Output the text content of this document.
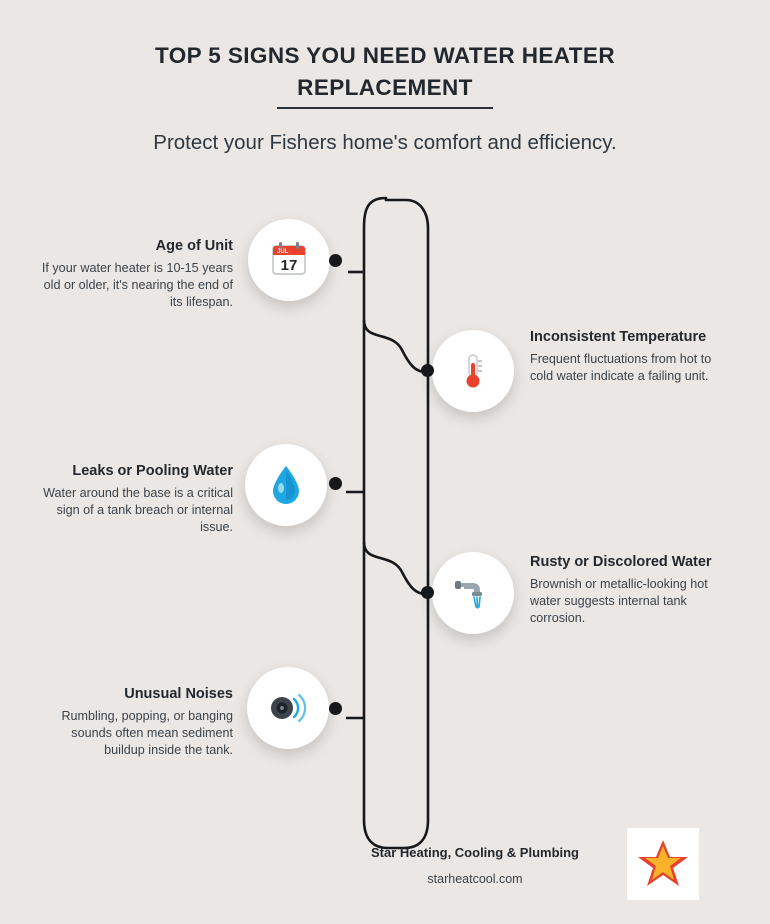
TOP 5 SIGNS YOU NEED WATER HEATER REPLACEMENT
Protect your Fishers home's comfort and efficiency.
JUL
17
Age of Unit

If your water heater is 10-15 years old or older, it's nearing the end of its lifespan.

Inconsistent Temperature

Frequent fluctuations from hot to cold water indicate a failing unit.

Leaks or Pooling Water

Water around the base is a critical sign of a tank breach or internal issue.

Rusty or Discolored Water

Brownish or metallic-looking hot water suggests internal tank corrosion.

Unusual Noises

Rumbling, popping, or banging sounds often mean sediment buildup inside the tank.

Star Heating, Cooling & Plumbing
starheatcool.com
